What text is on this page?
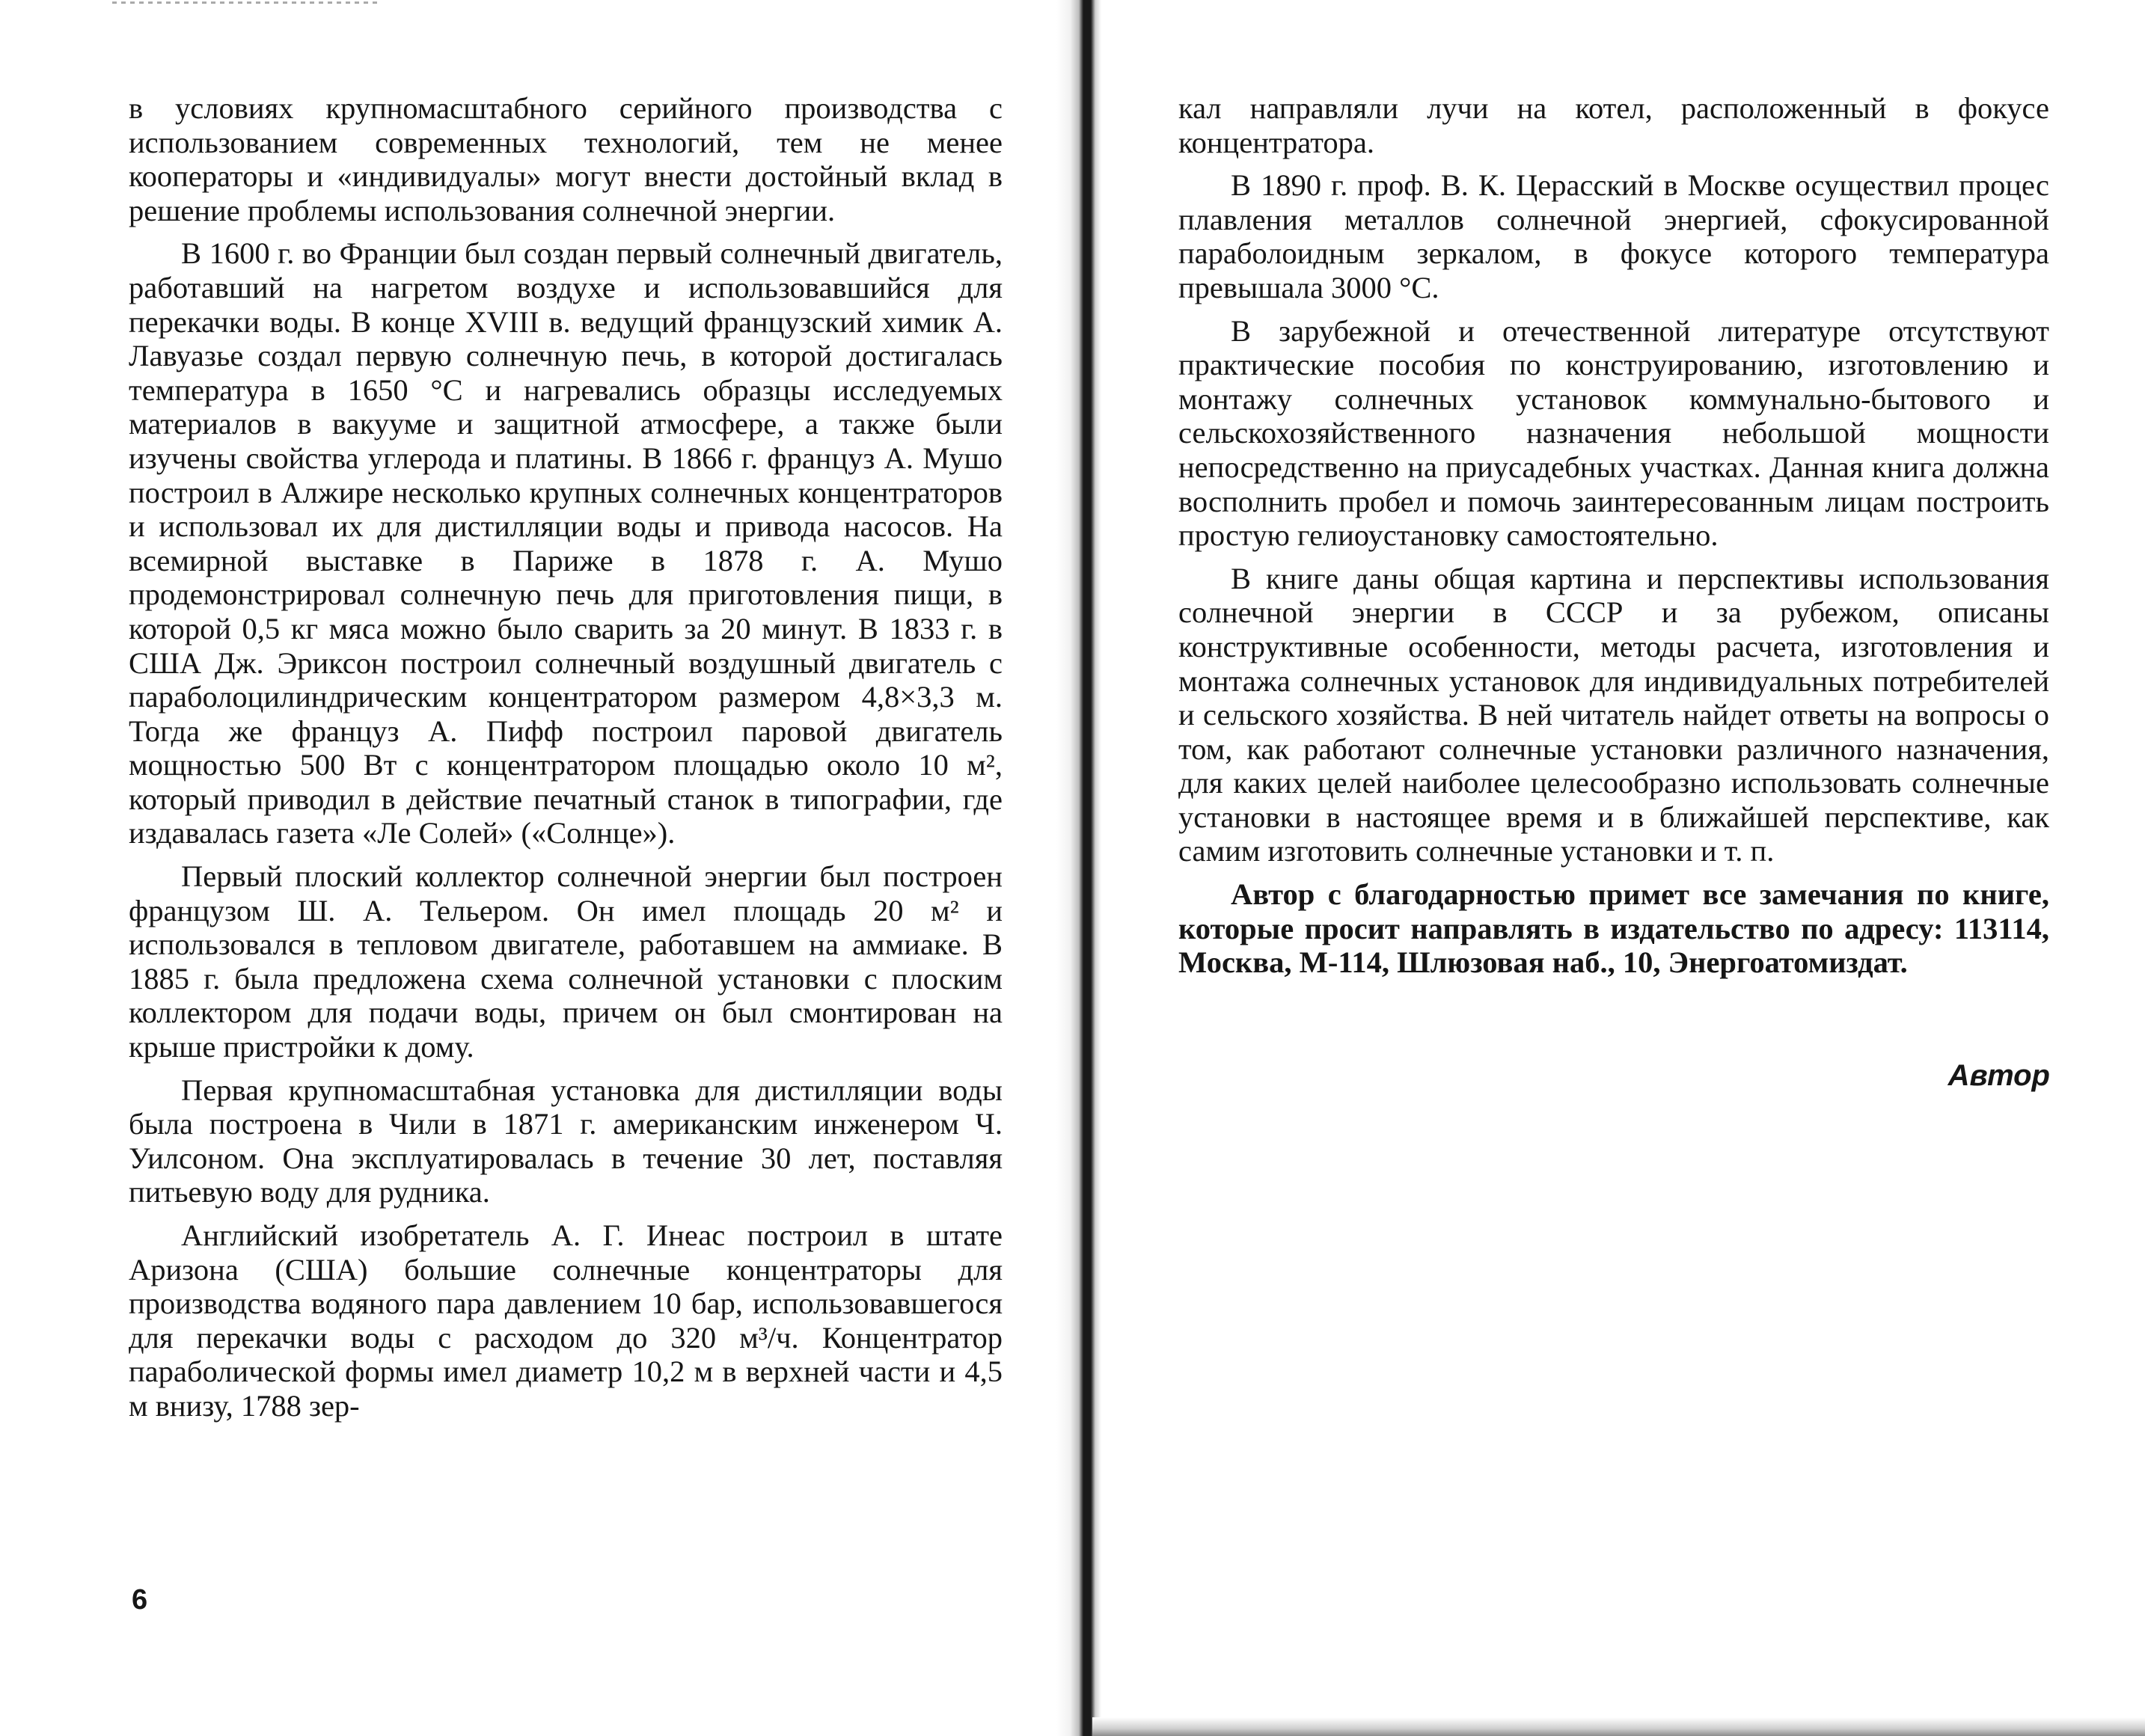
в условиях крупномасштабного серийного производства с использованием современных технологий, тем не менее кооператоры и «индивидуалы» могут внести достойный вклад в решение проблемы использования солнечной энергии.

В 1600 г. во Франции был создан первый солнечный двигатель, работавший на нагретом воздухе и использовавшийся для перекачки воды. В конце XVIII в. ведущий французский химик А. Лавуазье создал первую солнечную печь, в которой достигалась температура в 1650 °С и нагревались образцы исследуемых материалов в вакууме и защитной атмосфере, а также были изучены свойства углерода и платины. В 1866 г. француз А. Мушо построил в Алжире несколько крупных солнечных концентраторов и использовал их для дистилляции воды и привода насосов. На всемирной выставке в Париже в 1878 г. А. Мушо продемонстрировал солнечную печь для приготовления пищи, в которой 0,5 кг мяса можно было сварить за 20 минут. В 1833 г. в США Дж. Эриксон построил солнечный воздушный двигатель с параболоцилиндрическим концентратором размером 4,8×3,3 м. Тогда же француз А. Пифф построил паровой двигатель мощностью 500 Вт с концентратором площадью около 10 м², который приводил в действие печатный станок в типографии, где издавалась газета «Ле Солей» («Солнце»).

Первый плоский коллектор солнечной энергии был построен французом Ш. А. Тельером. Он имел площадь 20 м² и использовался в тепловом двигателе, работавшем на аммиаке. В 1885 г. была предложена схема солнечной установки с плоским коллектором для подачи воды, причем он был смонтирован на крыше пристройки к дому.

Первая крупномасштабная установка для дистилляции воды была построена в Чили в 1871 г. американским инженером Ч. Уилсоном. Она эксплуатировалась в течение 30 лет, поставляя питьевую воду для рудника.

Английский изобретатель А. Г. Инеас построил в штате Аризона (США) большие солнечные концентраторы для производства водяного пара давлением 10 бар, использовавшегося для перекачки воды с расходом до 320 м³/ч. Концентратор параболической формы имел диаметр 10,2 м в верхней части и 4,5 м внизу, 1788 зер-

6

кал направляли лучи на котел, расположенный в фокусе концентратора.

В 1890 г. проф. В. К. Церасский в Москве осуществил процес плавления металлов солнечной энергией, сфокусированной параболоидным зеркалом, в фокусе которого температура превышала 3000 °С.

В зарубежной и отечественной литературе отсутствуют практические пособия по конструированию, изготовлению и монтажу солнечных установок коммунально-бытового и сельскохозяйственного назначения небольшой мощности непосредственно на приусадебных участках. Данная книга должна восполнить пробел и помочь заинтересованным лицам построить простую гелиоустановку самостоятельно.

В книге даны общая картина и перспективы использования солнечной энергии в СССР и за рубежом, описаны конструктивные особенности, методы расчета, изготовления и монтажа солнечных установок для индивидуальных потребителей и сельского хозяйства. В ней читатель найдет ответы на вопросы о том, как работают солнечные установки различного назначения, для каких целей наиболее целесообразно использовать солнечные установки в настоящее время и в ближайшей перспективе, как самим изготовить солнечные установки и т. п.

Автор с благодарностью примет все замечания по книге, которые просит направлять в издательство по адресу: 113114, Москва, М-114, Шлюзовая наб., 10, Энергоатомиздат.

Автор
